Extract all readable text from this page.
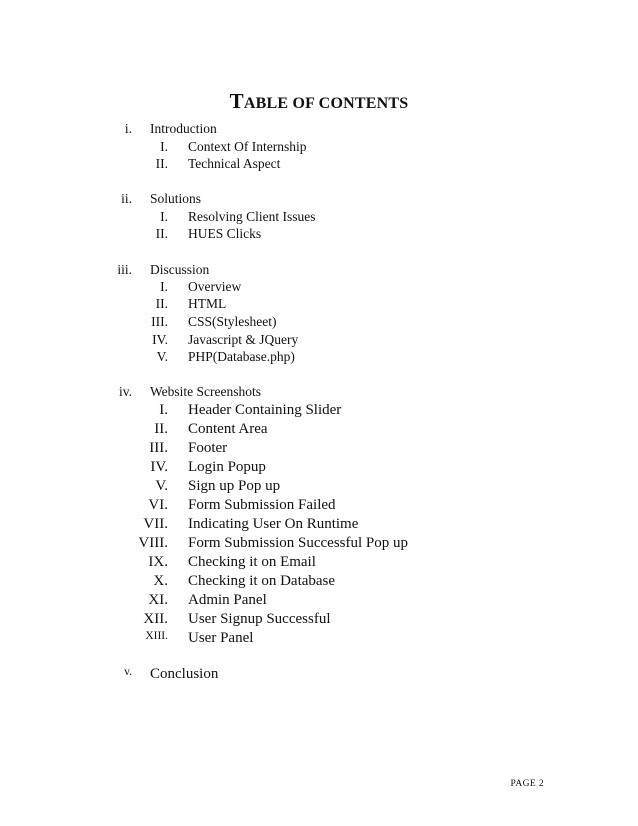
TABLE OF CONTENTS
i. Introduction
I. Context Of Internship
II. Technical Aspect
ii. Solutions
I. Resolving Client Issues
II. HUES Clicks
iii. Discussion
I. Overview
II. HTML
III. CSS(Stylesheet)
IV. Javascript & JQuery
V. PHP(Database.php)
iv. Website Screenshots
I. Header Containing Slider
II. Content Area
III. Footer
IV. Login Popup
V. Sign up Pop up
VI. Form Submission Failed
VII. Indicating User On Runtime
VIII. Form Submission Successful Pop up
IX. Checking it on Email
X. Checking it on Database
XI. Admin Panel
XII. User Signup Successful
XIII. User Panel
v. Conclusion
PAGE 2
